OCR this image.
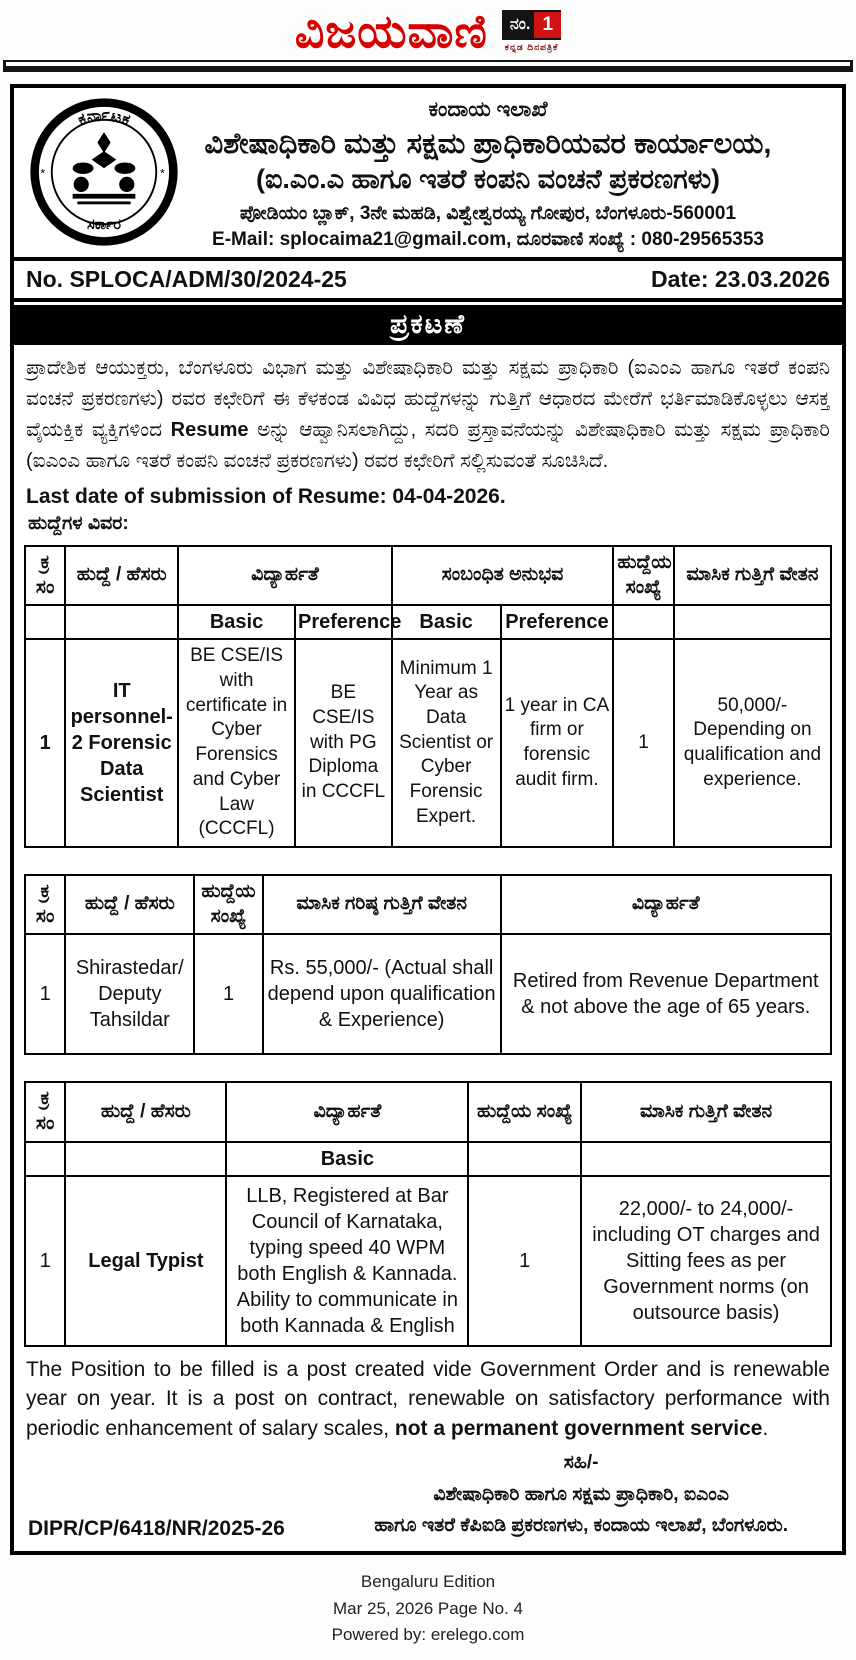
ವಿಜಯವಾಣಿ ನಂ. 1
ಕನ್ನಡ ದಿನಪತ್ರಿಕೆ
ಕರ್ನಾಟಕ
ಸರ್ಕಾರ
*	*
ಕಂದಾಯ ಇಲಾಖೆ
ವಿಶೇಷಾಧಿಕಾರಿ ಮತ್ತು ಸಕ್ಷಮ ಪ್ರಾಧಿಕಾರಿಯವರ ಕಾರ್ಯಾಲಯ,
(ಐ.ಎಂ.ಎ ಹಾಗೂ ಇತರೆ ಕಂಪನಿ ವಂಚನೆ ಪ್ರಕರಣಗಳು)
ಪೋಡಿಯಂ ಬ್ಲಾಕ್, 3ನೇ ಮಹಡಿ, ವಿಶ್ವೇಶ್ವರಯ್ಯ ಗೋಪುರ, ಬೆಂಗಳೂರು-560001
E-Mail: splocaima21@gmail.com, ದೂರವಾಣಿ ಸಂಖ್ಯೆ : 080-29565353
No. SPLOCA/ADM/30/2024-25	Date: 23.03.2026
ಪ್ರಕಟಣೆ

ಪ್ರಾದೇಶಿಕ ಆಯುಕ್ತರು, ಬೆಂಗಳೂರು ವಿಭಾಗ ಮತ್ತು ವಿಶೇಷಾಧಿಕಾರಿ ಮತ್ತು ಸಕ್ಷಮ ಪ್ರಾಧಿಕಾರಿ (ಐಎಂಎ ಹಾಗೂ ಇತರೆ ಕಂಪನಿ ವಂಚನೆ ಪ್ರಕರಣಗಳು) ರವರ ಕಛೇರಿಗೆ ಈ ಕೆಳಕಂಡ ವಿವಿಧ ಹುದ್ದೆಗಳನ್ನು ಗುತ್ತಿಗೆ ಆಧಾರದ ಮೇರೆಗೆ ಭರ್ತಿಮಾಡಿಕೊಳ್ಳಲು ಆಸಕ್ತ ವೈಯಕ್ತಿಕ ವ್ಯಕ್ತಿಗಳಿಂದ Resume ಅನ್ನು ಆಹ್ವಾನಿಸಲಾಗಿದ್ದು, ಸದರಿ ಪ್ರಸ್ತಾವನೆಯನ್ನು ವಿಶೇಷಾಧಿಕಾರಿ ಮತ್ತು ಸಕ್ಷಮ ಪ್ರಾಧಿಕಾರಿ (ಐಎಂಎ ಹಾಗೂ ಇತರೆ ಕಂಪನಿ ವಂಚನೆ ಪ್ರಕರಣಗಳು) ರವರ ಕಛೇರಿಗೆ ಸಲ್ಲಿಸುವಂತೆ ಸೂಚಿಸಿದೆ.

Last date of submission of Resume: 04-04-2026.
ಹುದ್ದೆಗಳ ವಿವರ:
ಕ್ರ ಸಂ	ಹುದ್ದೆ / ಹೆಸರು	ವಿದ್ಯಾರ್ಹತೆ		ಸಂಬಂಧಿತ ಅನುಭವ		ಹುದ್ದೆಯ ಸಂಖ್ಯೆ	ಮಾಸಿಕ ಗುತ್ತಿಗೆ ವೇತನ
		Basic	Preference	Basic	Preference		
1	IT personnel- 2 Forensic Data Scientist	BE CSE/IS with certificate in Cyber Forensics and Cyber Law (CCCFL)	BE CSE/IS with PG Diploma in CCCFL	Minimum 1 Year as Data Scientist or Cyber Forensic Expert.	1 year in CA firm or forensic audit firm.	1	50,000/- Depending on qualification and experience.
ಕ್ರ ಸಂ	ಹುದ್ದೆ / ಹೆಸರು	ಹುದ್ದೆಯ ಸಂಖ್ಯೆ	ಮಾಸಿಕ ಗರಿಷ್ಠ ಗುತ್ತಿಗೆ ವೇತನ	ವಿದ್ಯಾರ್ಹತೆ
1	Shirastedar/ Deputy Tahsildar	1	Rs. 55,000/- (Actual shall depend upon qualification & Experience)	Retired from Revenue Department & not above the age of 65 years.
ಕ್ರ ಸಂ	ಹುದ್ದೆ / ಹೆಸರು	ವಿದ್ಯಾರ್ಹತೆ	ಹುದ್ದೆಯ ಸಂಖ್ಯೆ	ಮಾಸಿಕ ಗುತ್ತಿಗೆ ವೇತನ
		Basic		
1	Legal Typist	LLB, Registered at Bar Council of Karnataka, typing speed 40 WPM both English & Kannada. Ability to communicate in both Kannada & English	1	22,000/- to 24,000/- including OT charges and Sitting fees as per Government norms (on outsource basis)

The Position to be filled is a post created vide Government Order and is renewable year on year. It is a post on contract, renewable on satisfactory performance with periodic enhancement of salary scales, not a permanent government service.

DIPR/CP/6418/NR/2025-26
ಸಹಿ/-
ವಿಶೇಷಾಧಿಕಾರಿ ಹಾಗೂ ಸಕ್ಷಮ ಪ್ರಾಧಿಕಾರಿ, ಐಎಂಎ
ಹಾಗೂ ಇತರೆ ಕೆಪಿಐಡಿ ಪ್ರಕರಣಗಳು, ಕಂದಾಯ ಇಲಾಖೆ, ಬೆಂಗಳೂರು.
Bengaluru Edition
Mar 25, 2026 Page No. 4
Powered by: erelego.com
